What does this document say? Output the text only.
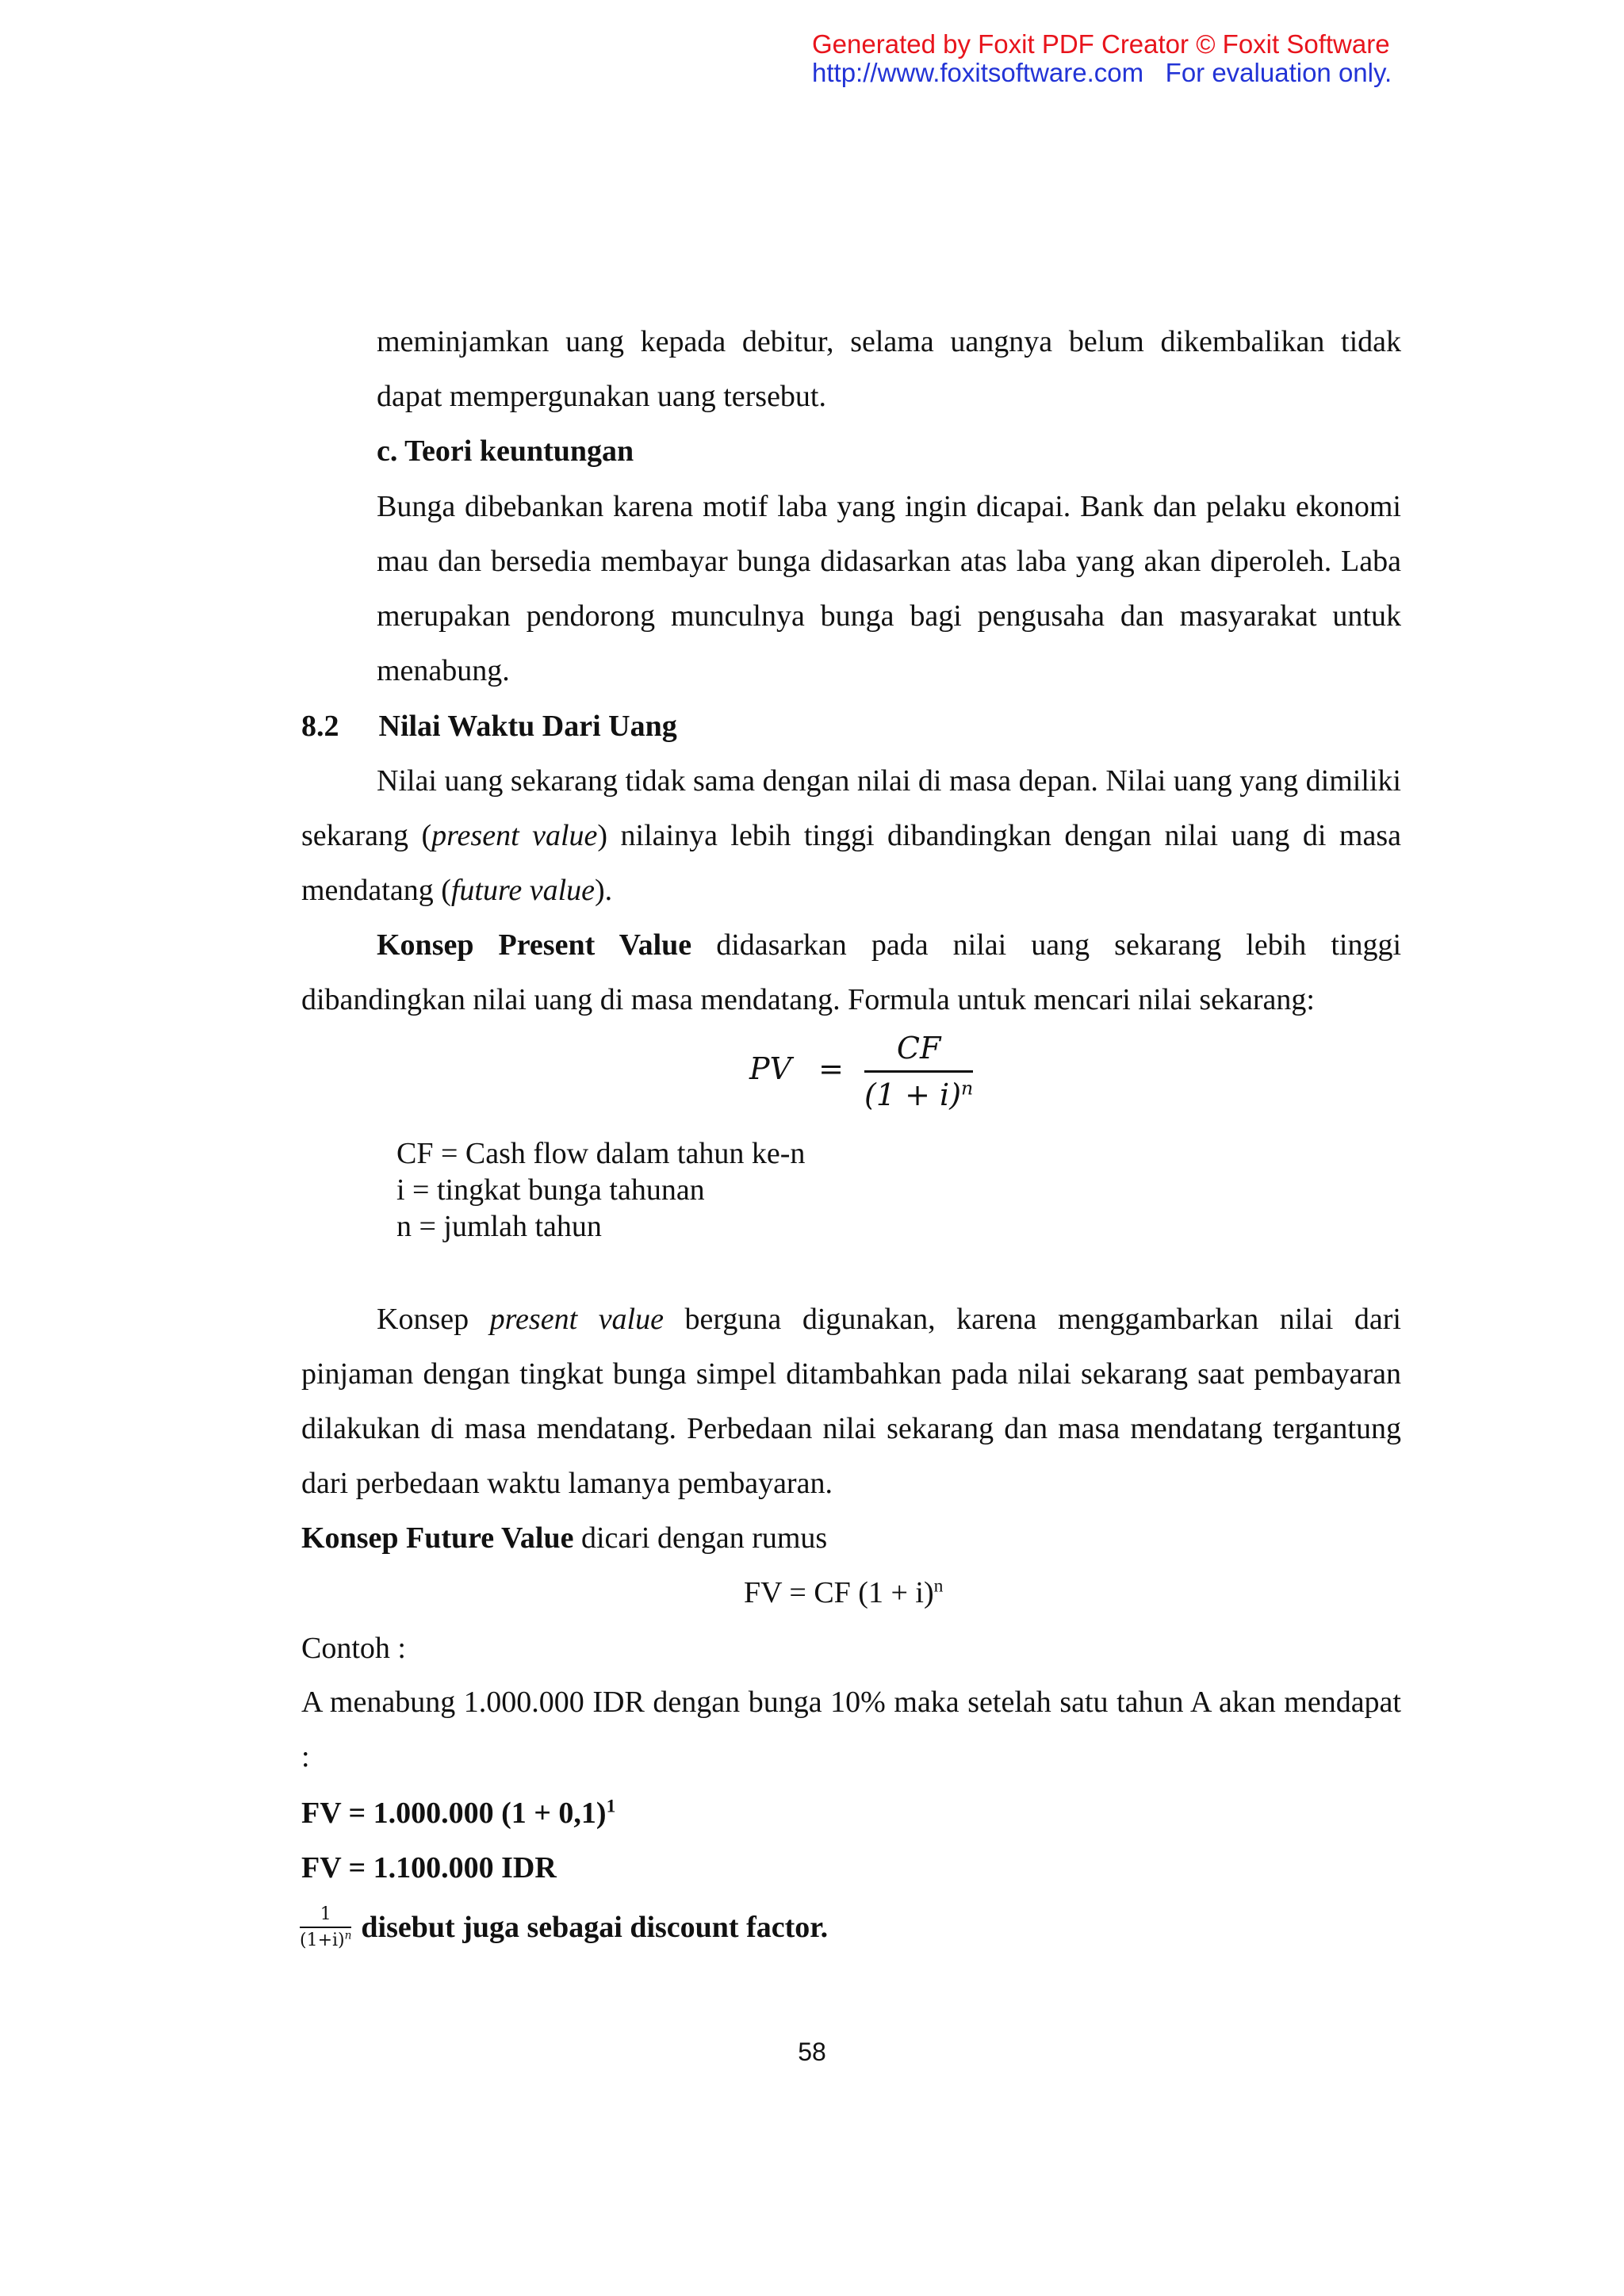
Generated by Foxit PDF Creator © Foxit Software
http://www.foxitsoftware.com For evaluation only.

meminjamkan uang kepada debitur, selama uangnya belum dikembalikan tidak dapat mempergunakan uang tersebut.

c. Teori keuntungan

Bunga dibebankan karena motif laba yang ingin dicapai. Bank dan pelaku ekonomi mau dan bersedia membayar bunga didasarkan atas laba yang akan diperoleh. Laba merupakan pendorong munculnya bunga bagi pengusaha dan masyarakat untuk menabung.

8.2 Nilai Waktu Dari Uang

Nilai uang sekarang tidak sama dengan nilai di masa depan. Nilai uang yang dimiliki sekarang (present value) nilainya lebih tinggi dibandingkan dengan nilai uang di masa mendatang (future value).

Konsep Present Value didasarkan pada nilai uang sekarang lebih tinggi dibandingkan nilai uang di masa mendatang. Formula untuk mencari nilai sekarang:

PV = $\frac{CF}{(1 + i)^n}$
CF = Cash flow dalam tahun ke-n
i = tingkat bunga tahunan
n = jumlah tahun

Konsep present value berguna digunakan, karena menggambarkan nilai dari pinjaman dengan tingkat bunga simpel ditambahkan pada nilai sekarang saat pembayaran dilakukan di masa mendatang. Perbedaan nilai sekarang dan masa mendatang tergantung dari perbedaan waktu lamanya pembayaran.

Konsep Future Value dicari dengan rumus
FV = CF $(1 + i)^n$
Contoh :

A menabung 1.000.000 IDR dengan bunga 10% maka setelah satu tahun A akan mendapat :

FV = 1.000.000 $(1 + 0,1)^1$
FV = 1.100.000 IDR
$\frac{1}{(1+i)^n}$ disebut juga sebagai discount factor.
58
